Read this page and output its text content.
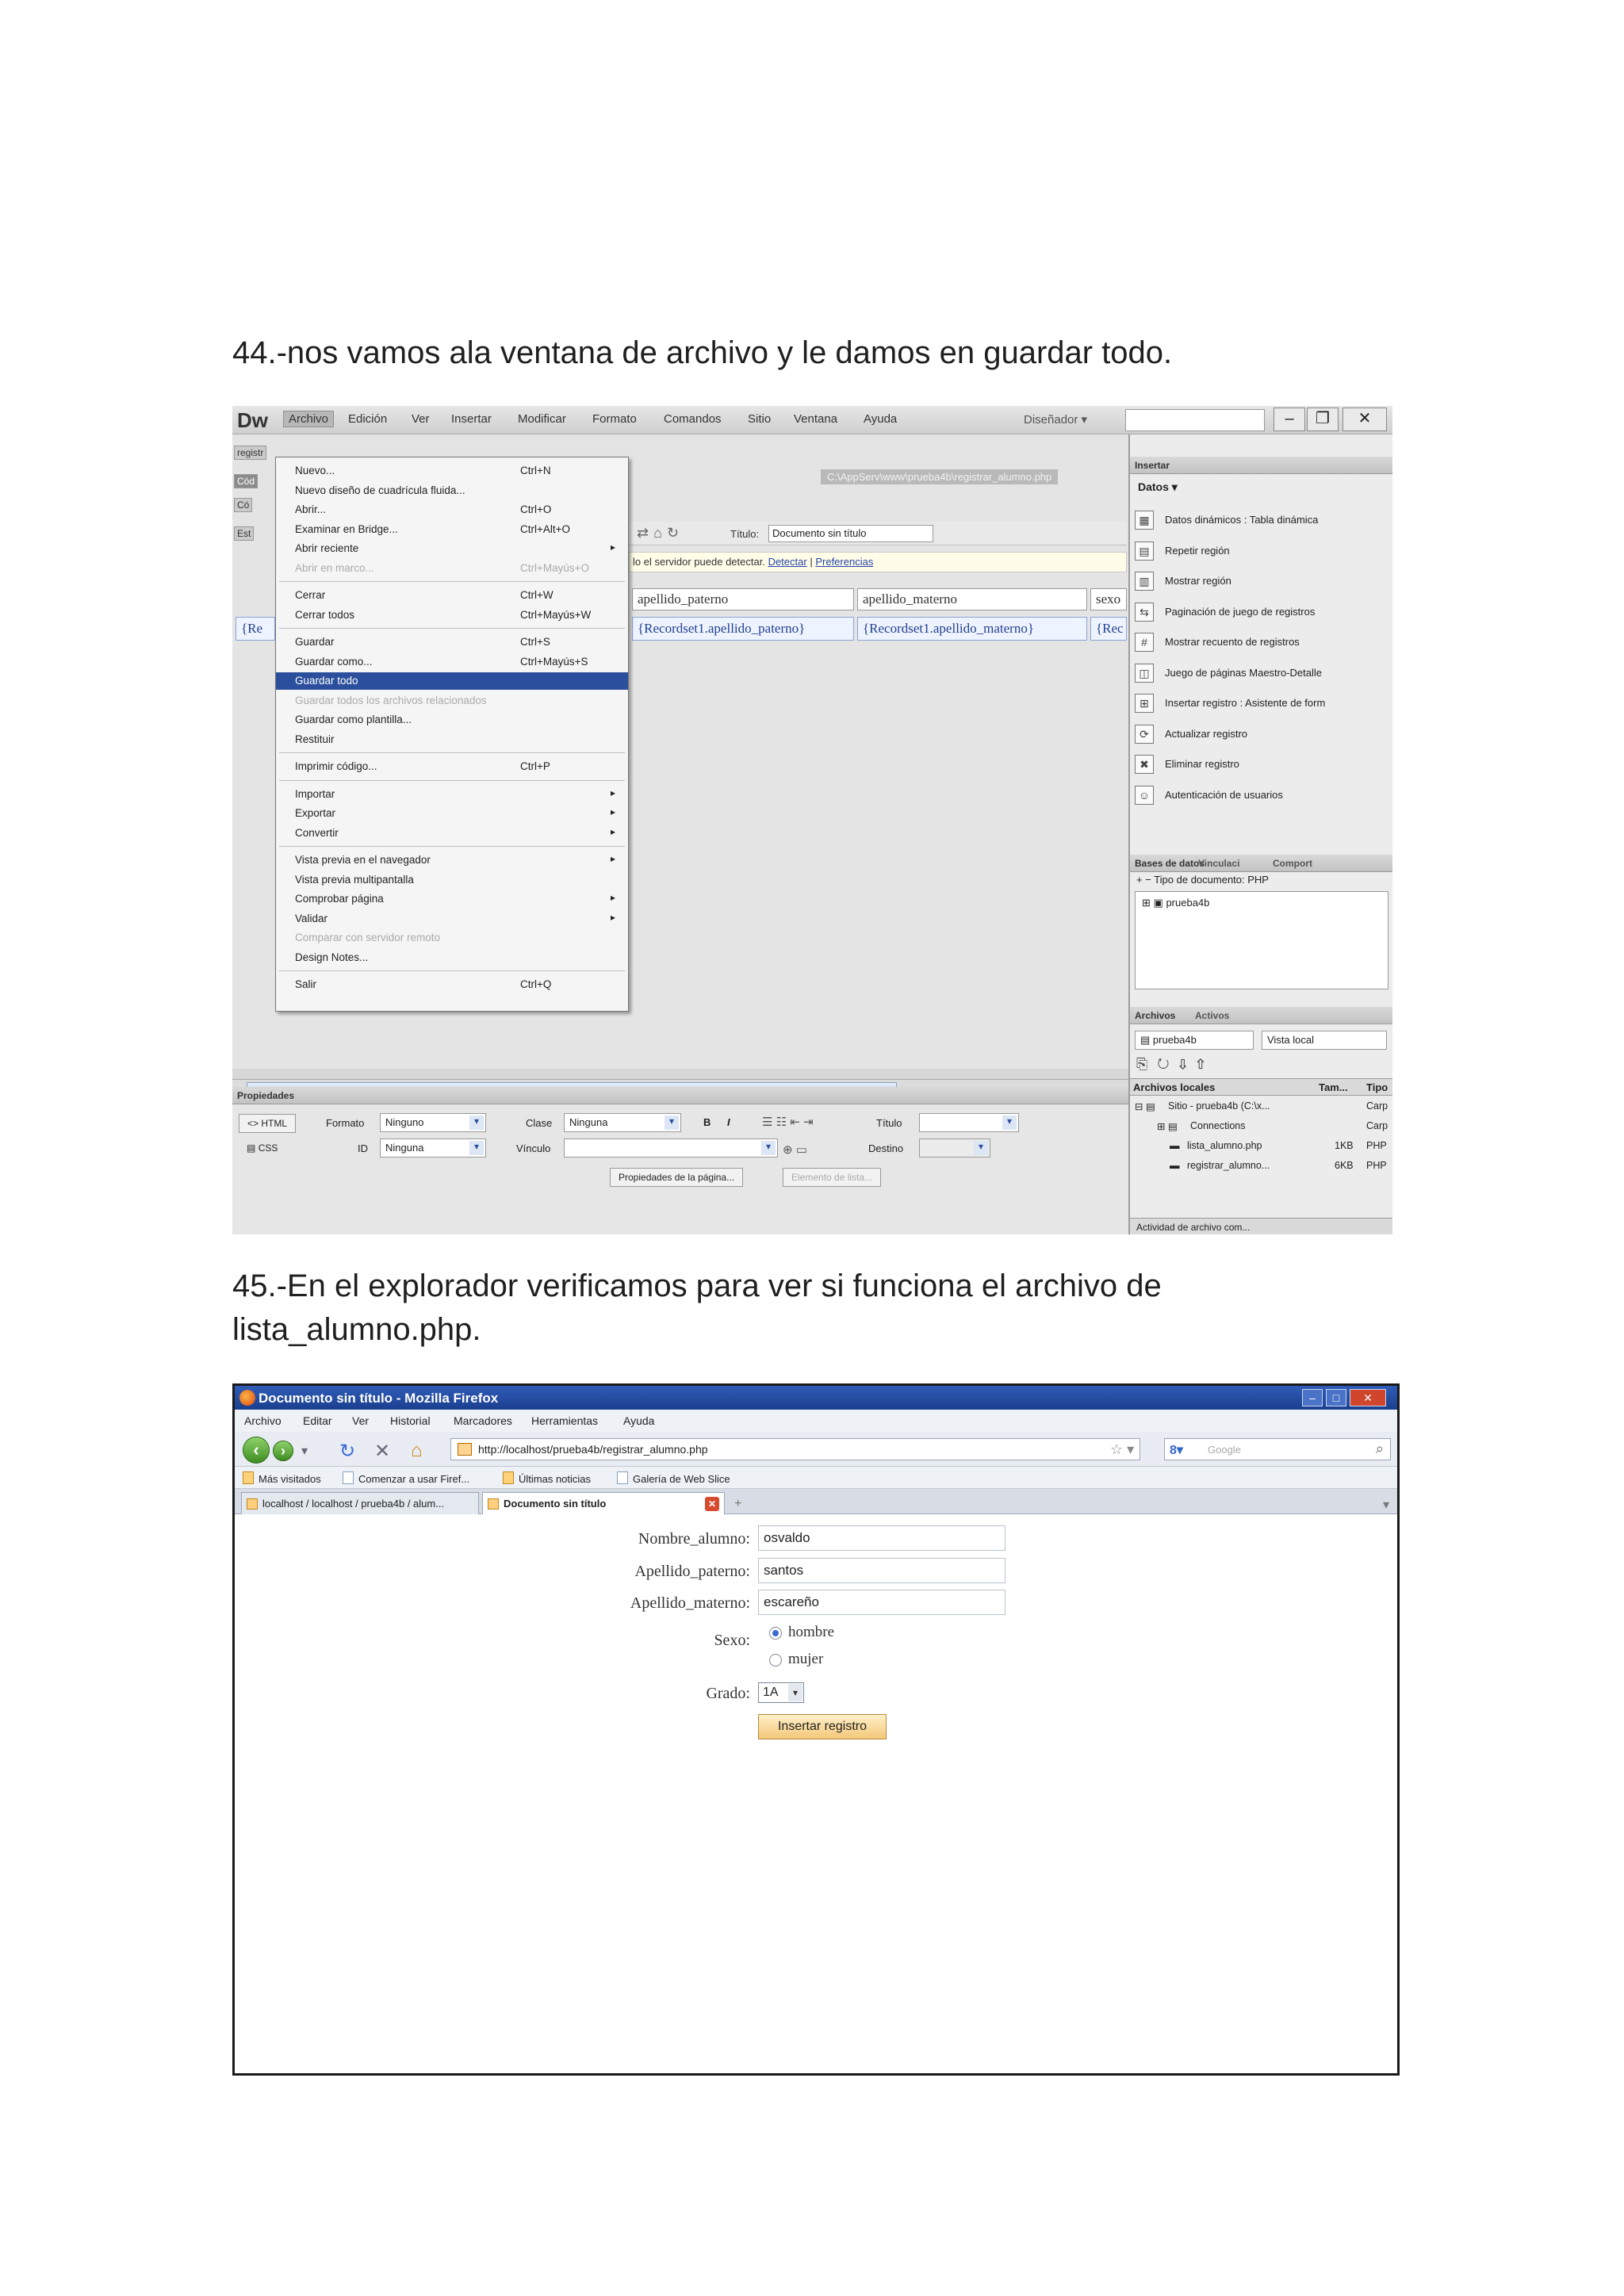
44.-nos vamos ala ventana de archivo y le damos en guardar todo.
Dw	Archivo	Edición Ver Insertar Modificar Formato Comandos Sitio Ventana Ayuda	Diseñador ▾	–	❐	✕
C:\AppServ\www\prueba4b\registrar_alumno.php
registr
Cód
Có
Est	⇄⌂↻	Título:	Documento sin título
lo el servidor puede detectar. Detectar | Preferencias
apellido_paterno	apellido_materno	sexo
{Re	{Recordset1.apellido_paterno}	{Recordset1.apellido_materno}	{Rec
Nuevo...	Ctrl+N
Nuevo diseño de cuadrícula fluida...
Abrir...	Ctrl+O
Examinar en Bridge...	Ctrl+Alt+O
Abrir reciente	▸
Abrir en marco...	Ctrl+Mayús+O
Cerrar	Ctrl+W
Cerrar todos	Ctrl+Mayús+W
Guardar	Ctrl+S
Guardar como...	Ctrl+Mayús+S
Guardar todo
Guardar todos los archivos relacionados
Guardar como plantilla...
Restituir
Imprimir código...	Ctrl+P
Importar	▸
Exportar	▸
Convertir	▸
Vista previa en el navegador	▸
Vista previa multipantalla
Comprobar página	▸
Validar	▸
Comparar con servidor remoto
Design Notes...
Salir	Ctrl+Q
Propiedades
<> HTML
▤ CSS
Formato	Ninguno ▾
ID	Ninguna ▾
Clase	Ninguna ▾
Vínculo
▾
B I	☰ ☷ ⇤ ⇥
⊕ ▭
Título
▾
Destino
▾
Propiedades de la página...	Elemento de lista...
Insertar
Datos ▾
▦	Datos dinámicos : Tabla dinámica
▤	Repetir región
▥	Mostrar región
⇆	Paginación de juego de registros
#	Mostrar recuento de registros
◫	Juego de páginas Maestro-Detalle
⊞	Insertar registro : Asistente de form
⟳	Actualizar registro
✖	Eliminar registro
☺	Autenticación de usuarios
Bases de datos
Vinculaci	Comport
+ − Tipo de documento: PHP
⊞ ▣ prueba4b
Archivos Activos
▤ prueba4b	Vista local
⎘↻⇩⇧
Archivos locales	Tam... Tipo
⊟ ▤ Sitio - prueba4b (C:\x...	Carp
⊞ ▤ Connections	Carp
▬ lista_alumno.php	1KB PHP
▬ registrar_alumno...	6KB PHP
Actividad de archivo com...
45.-En el explorador verificamos para ver si funciona el archivo de
lista_alumno.php.
Documento sin título - Mozilla Firefox	–	□	✕
Archivo Editar Ver Historial Marcadores Herramientas Ayuda
‹	›	▾ ↻ ✕ ⌂	http://localhost/prueba4b/registrar_alumno.php	☆ ▾	8▾ Google	⌕
Más visitados	Comenzar a usar Firef...	Últimas noticias	Galería de Web Slice
localhost / localhost / prueba4b / alum...	Documento sin título	✕ +	▾
Nombre_alumno:	osvaldo
Apellido_paterno:	santos
Apellido_materno:	escareño
Sexo:	hombre
mujer
Grado:	1A ▾
Insertar registro
